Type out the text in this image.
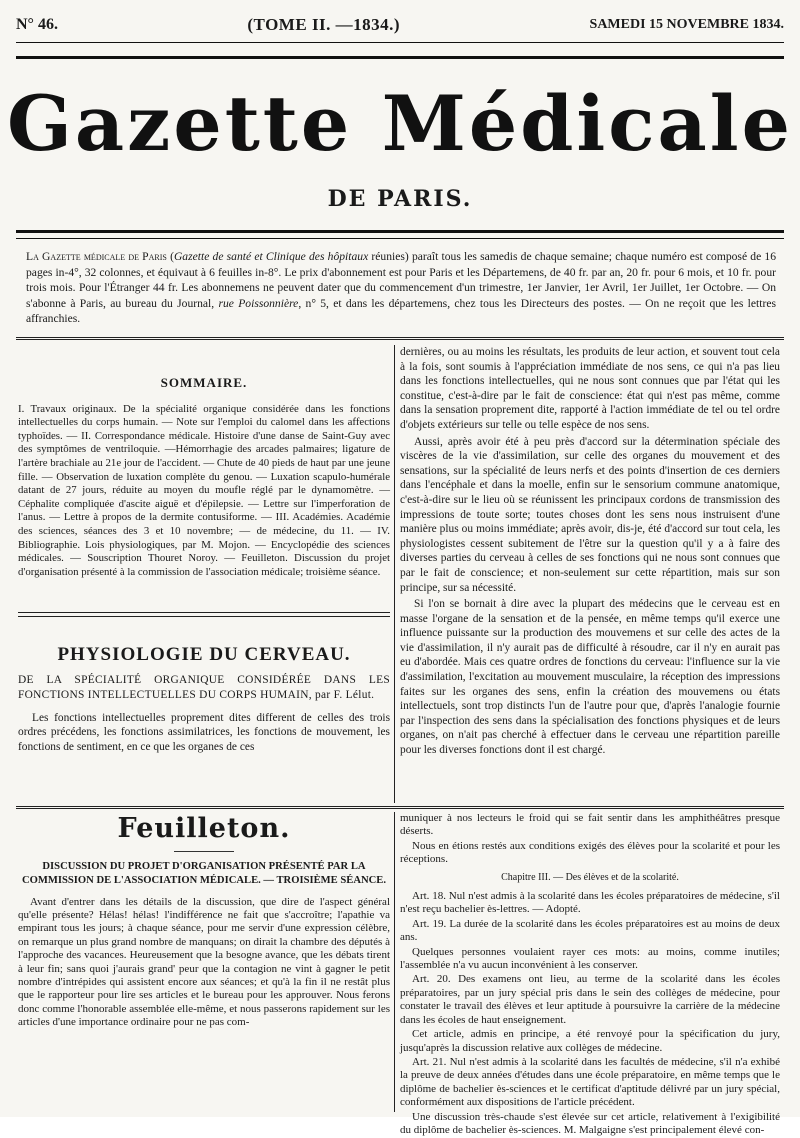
N° 46.	(TOME II. —1834.)	SAMEDI 15 NOVEMBRE 1834.
Gazette Médicale
DE PARIS.
La Gazette médicale de Paris (Gazette de santé et Clinique des hôpitaux réunies) paraît tous les samedis de chaque semaine; chaque numéro est composé de 16 pages in-4°, 32 colonnes, et équivaut à 6 feuilles in-8°. Le prix d'abonnement est pour Paris et les Départemens, de 40 fr. par an, 20 fr. pour 6 mois, et 10 fr. pour trois mois. Pour l'Étranger 44 fr. Les abonnemens ne peuvent dater que du commencement d'un trimestre, 1er Janvier, 1er Avril, 1er Juillet, 1er Octobre. — On s'abonne à Paris, au bureau du Journal, rue Poissonnière, n° 5, et dans les départemens, chez tous les Directeurs des postes. — On ne reçoit que les lettres affranchies.
SOMMAIRE.
I. Travaux originaux. De la spécialité organique considérée dans les fonctions intellectuelles du corps humain. — Note sur l'emploi du calomel dans les affections typhoïdes. — II. Correspondance médicale. Histoire d'une danse de Saint-Guy avec des symptômes de ventriloquie. —Hémorrhagie des arcades palmaires; ligature de l'artère brachiale au 21e jour de l'accident. — Chute de 40 pieds de haut par une jeune fille. — Observation de luxation complète du genou. — Luxation scapulo-humérale datant de 27 jours, réduite au moyen du moufle réglé par le dynamomètre. — Céphalite compliquée d'ascite aiguë et d'épilepsie. — Lettre sur l'imperforation de l'anus. — Lettre à propos de la dermite contusiforme. — III. Académies. Académie des sciences, séances des 3 et 10 novembre; — de médecine, du 11. — IV. Bibliographie. Lois physiologiques, par M. Mojon. — Encyclopédie des sciences médicales. — Souscription Thouret Noroy. — Feuilleton. Discussion du projet d'organisation présenté à la commission de l'association médicale; troisième séance.
PHYSIOLOGIE DU CERVEAU.
DE LA SPÉCIALITÉ ORGANIQUE CONSIDÉRÉE DANS LES FONCTIONS INTELLECTUELLES DU CORPS HUMAIN, par F. Lélut.

Les fonctions intellectuelles proprement dites different de celles des trois ordres précédens, les fonctions assimilatrices, les fonctions de mouvement, les fonctions de sentiment, en ce que les organes de ces

dernières, ou au moins les résultats, les produits de leur action, et souvent tout cela à la fois, sont soumis à l'appréciation immédiate de nos sens, ce qui n'a pas lieu dans les fonctions intellectuelles, qui ne nous sont connues que par l'état qui les constitue, c'est-à-dire par le fait de conscience: état qui n'est pas même, comme dans la sensation proprement dite, rapporté à l'action immédiate de tel ou tel ordre d'objets extérieurs sur telle ou telle espèce de nos sens.

Aussi, après avoir été à peu près d'accord sur la détermination spéciale des viscères de la vie d'assimilation, sur celle des organes du mouvement et des sensations, sur la spécialité de leurs nerfs et des points d'insertion de ces derniers dans l'encéphale et dans la moelle, enfin sur le sensorium commune anatomique, c'est-à-dire sur le lieu où se réunissent les principaux cordons de transmission des impressions de toute sorte; toutes choses dont les sens nous instruisent d'une manière plus ou moins immédiate; après avoir, dis-je, été d'accord sur tout cela, les physiologistes cessent subitement de l'être sur la question qu'il y a à faire des diverses parties du cerveau à celles de ses fonctions qui ne nous sont connues que par le fait de conscience; et non-seulement sur cette répartition, mais sur son principe, sur sa nécessité.

Si l'on se bornait à dire avec la plupart des médecins que le cerveau est en masse l'organe de la sensation et de la pensée, en même temps qu'il exerce une influence puissante sur la production des mouvemens et sur celle des actes de la vie d'assimilation, il n'y aurait pas de difficulté à résoudre, car il n'y en aurait pas eu d'abordée. Mais ces quatre ordres de fonctions du cerveau: l'influence sur la vie d'assimilation, l'excitation au mouvement musculaire, la réception des impressions faites sur les organes des sens, enfin la création des mouvemens ou états intellectuels, sont trop distincts l'un de l'autre pour que, d'après l'analogie fournie par l'inspection des sens dans la spécialisation des fonctions physiques et de leurs organes, on n'ait pas cherché à effectuer dans le cerveau une répartition pareille pour les diverses fonctions dont il est chargé.

Feuilleton.
DISCUSSION DU PROJET D'ORGANISATION PRÉSENTÉ PAR LA COMMISSION DE L'ASSOCIATION MÉDICALE. — TROISIÈME SÉANCE.

Avant d'entrer dans les détails de la discussion, que dire de l'aspect général qu'elle présente? Hélas! hélas! l'indifférence ne fait que s'accroître; l'apathie va empirant tous les jours; à chaque séance, pour me servir d'une expression célèbre, on remarque un plus grand nombre de manquans; on dirait la chambre des députés à l'approche des vacances. Heureusement que la besogne avance, que les débats tirent à leur fin; sans quoi j'aurais grand' peur que la contagion ne vint à gagner le petit nombre d'intrépides qui assistent encore aux séances; et qu'à la fin il ne restât plus que le rapporteur pour lire ses articles et le bureau pour les approuver. Nous ferons donc comme l'honorable assemblée elle-même, et nous passerons rapidement sur les articles d'une importance ordinaire pour ne pas com-

muniquer à nos lecteurs le froid qui se fait sentir dans les amphithéâtres presque déserts.

Nous en étions restés aux conditions exigés des élèves pour la scolarité et pour les réceptions.

Chapitre III. — Des élèves et de la scolarité.

Art. 18. Nul n'est admis à la scolarité dans les écoles préparatoires de médecine, s'il n'est reçu bachelier ès-lettres. — Adopté.

Art. 19. La durée de la scolarité dans les écoles préparatoires est au moins de deux ans.

Quelques personnes voulaient rayer ces mots: au moins, comme inutiles; l'assemblée n'a vu aucun inconvénient à les conserver.

Art. 20. Des examens ont lieu, au terme de la scolarité dans les écoles préparatoires, par un jury spécial pris dans le sein des collèges de médecine, pour constater le travail des élèves et leur aptitude à poursuivre la carrière de la médecine dans les écoles de haut enseignement.

Cet article, admis en principe, a été renvoyé pour la spécification du jury, jusqu'après la discussion relative aux collèges de médecine.

Art. 21. Nul n'est admis à la scolarité dans les facultés de médecine, s'il n'a exhibé la preuve de deux années d'études dans une école préparatoire, en même temps que le diplôme de bachelier ès-sciences et le certificat d'aptitude délivré par un jury spécial, conformément aux dispositions de l'article précédent.

Une discussion très-chaude s'est élevée sur cet article, relativement à l'exigibilité du diplôme de bachelier ès-sciences. M. Malgaigne s'est principalement élevé con-
